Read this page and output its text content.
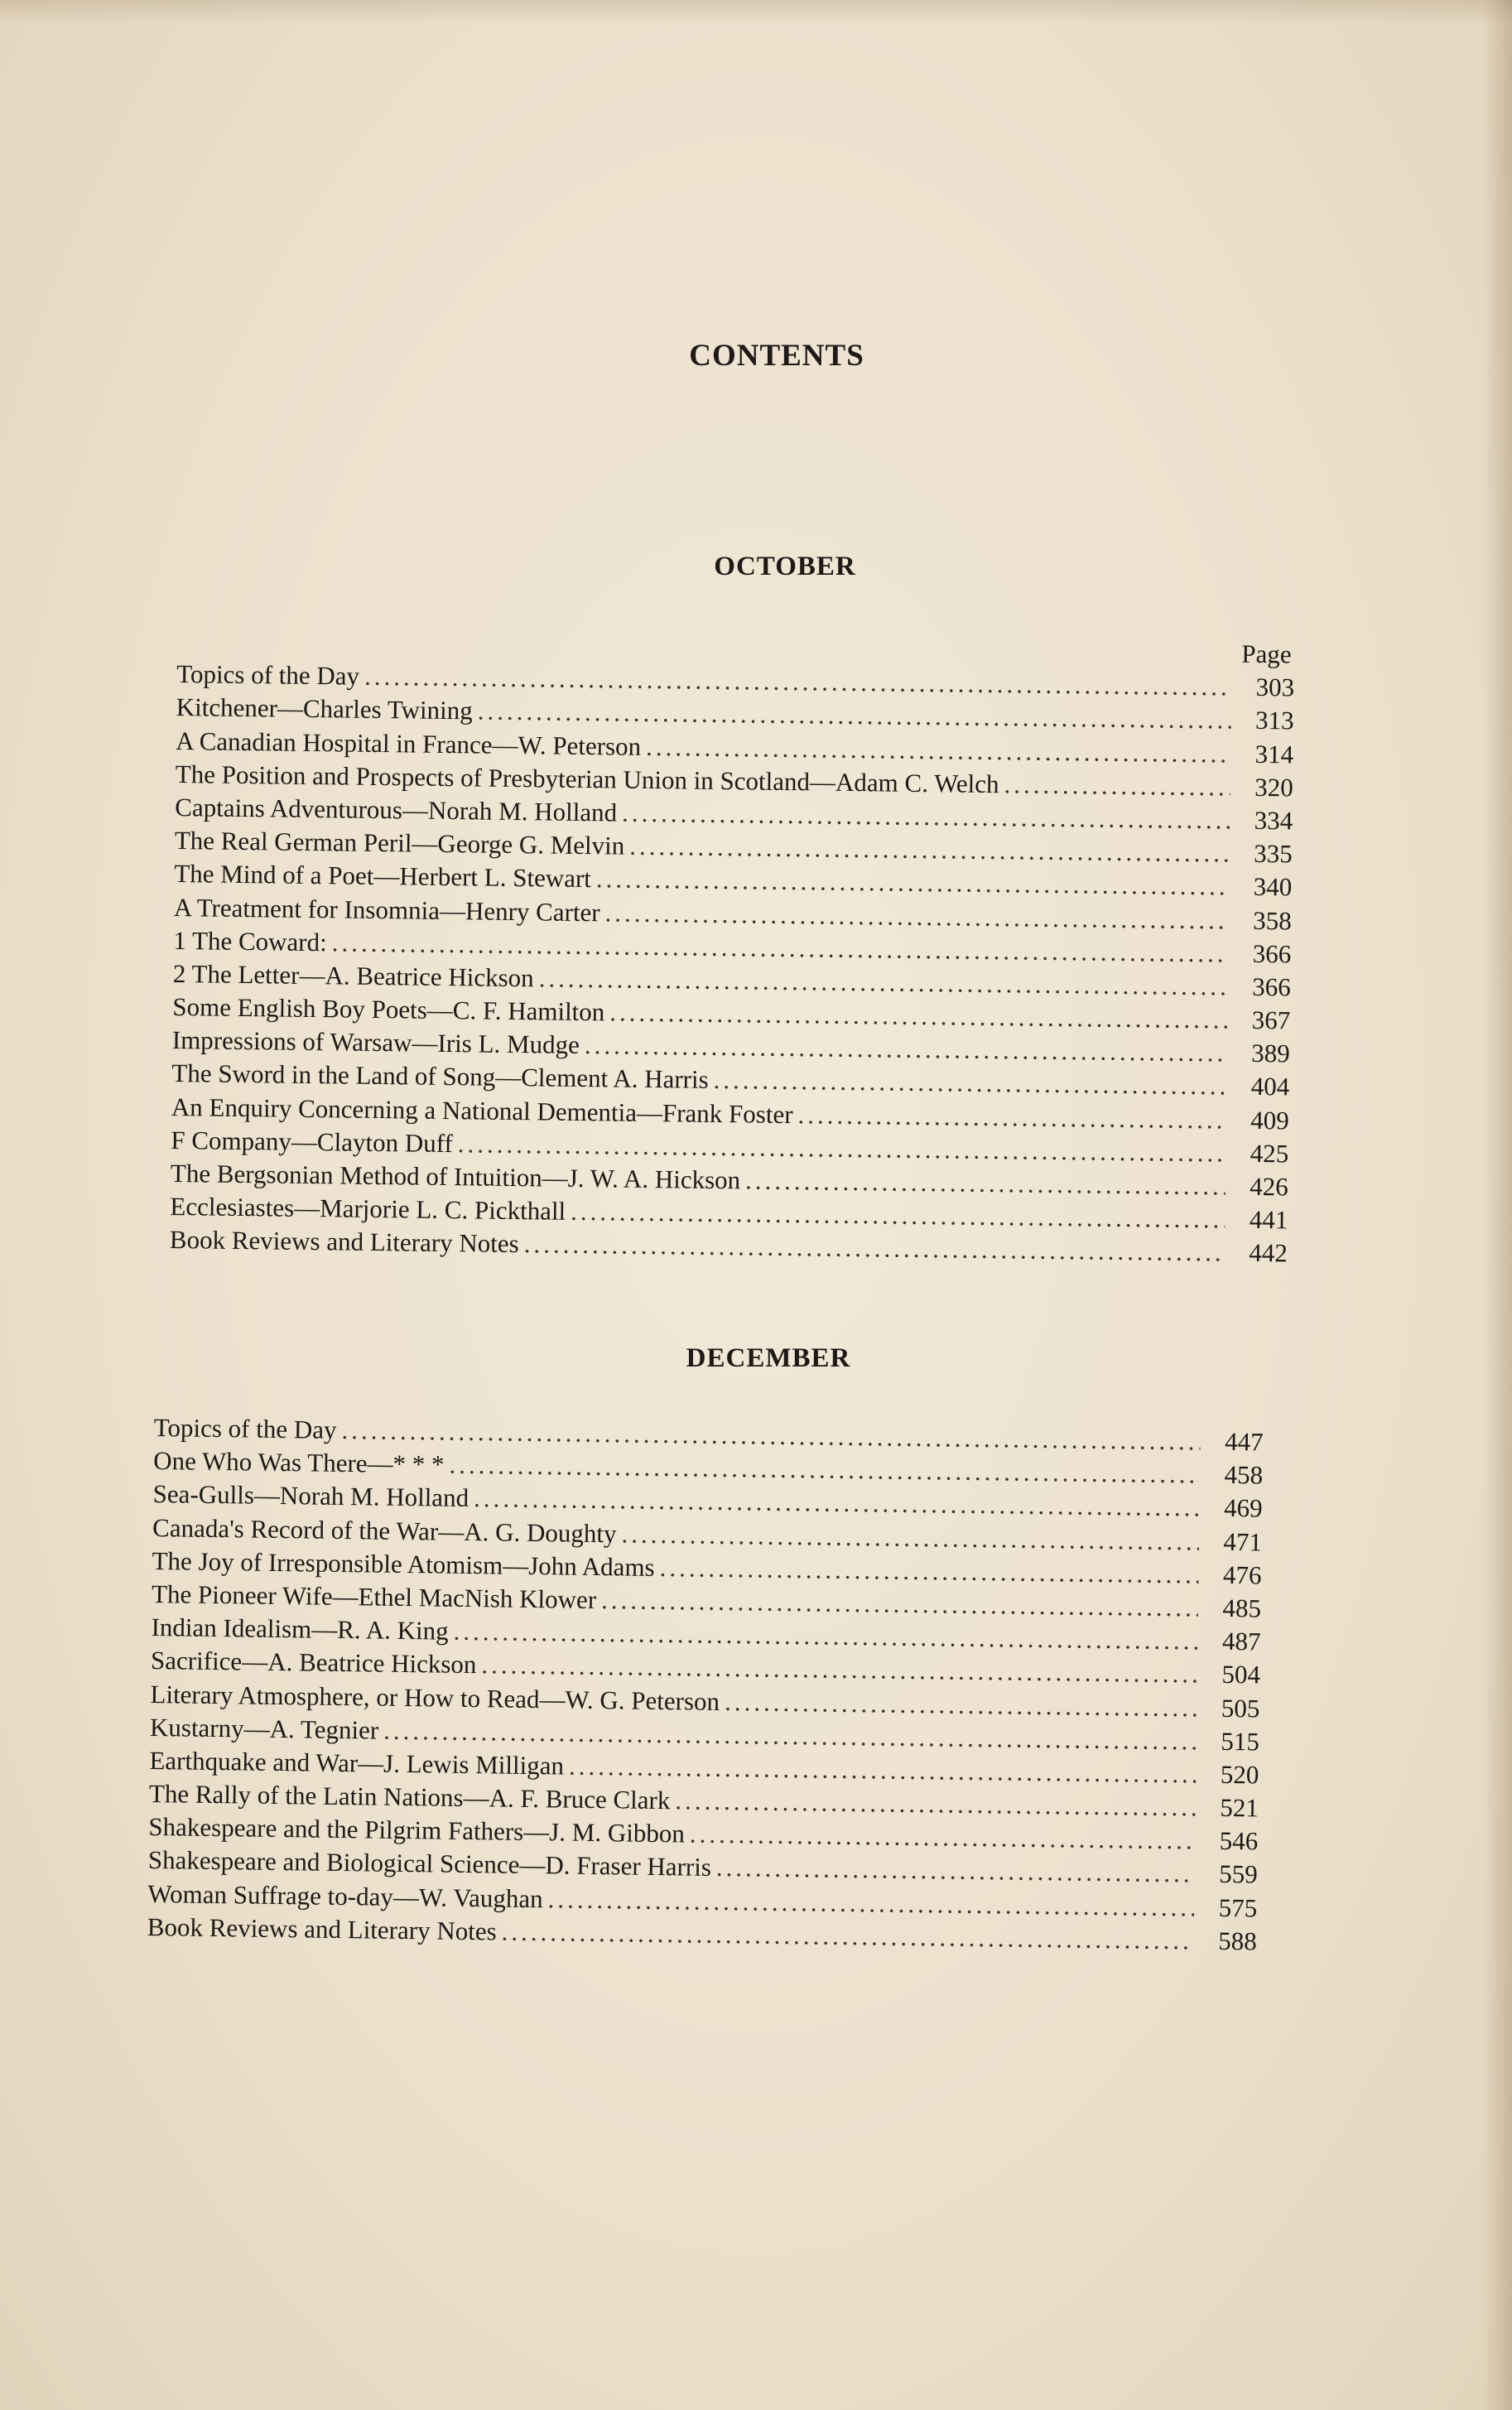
CONTENTS
OCTOBER
Page
Topics of the Day .....	303
Kitchener—Charles Twining .....	313
A Canadian Hospital in France—W. Peterson .....	314
The Position and Prospects of Presbyterian Union in Scotland—Adam C. Welch .....	320
Captains Adventurous—Norah M. Holland .....	334
The Real German Peril—George G. Melvin .....	335
The Mind of a Poet—Herbert L. Stewart .....	340
A Treatment for Insomnia—Henry Carter .....	358
1 The Coward: .....	366
2 The Letter—A. Beatrice Hickson .....	366
Some English Boy Poets—C. F. Hamilton .....	367
Impressions of Warsaw—Iris L. Mudge .....	389
The Sword in the Land of Song—Clement A. Harris .....	404
An Enquiry Concerning a National Dementia—Frank Foster .....	409
F Company—Clayton Duff .....	425
The Bergsonian Method of Intuition—J. W. A. Hickson .....	426
Ecclesiastes—Marjorie L. C. Pickthall .....	441
Book Reviews and Literary Notes .....	442
DECEMBER
Topics of the Day .....	447
One Who Was There—* * * .....	458
Sea-Gulls—Norah M. Holland .....	469
Canada's Record of the War—A. G. Doughty .....	471
The Joy of Irresponsible Atomism—John Adams .....	476
The Pioneer Wife—Ethel MacNish Klower .....	485
Indian Idealism—R. A. King .....	487
Sacrifice—A. Beatrice Hickson .....	504
Literary Atmosphere, or How to Read—W. G. Peterson .....	505
Kustarny—A. Tegnier .....	515
Earthquake and War—J. Lewis Milligan .....	520
The Rally of the Latin Nations—A. F. Bruce Clark .....	521
Shakespeare and the Pilgrim Fathers—J. M. Gibbon .....	546
Shakespeare and Biological Science—D. Fraser Harris .....	559
Woman Suffrage to-day—W. Vaughan .....	575
Book Reviews and Literary Notes .....	588
